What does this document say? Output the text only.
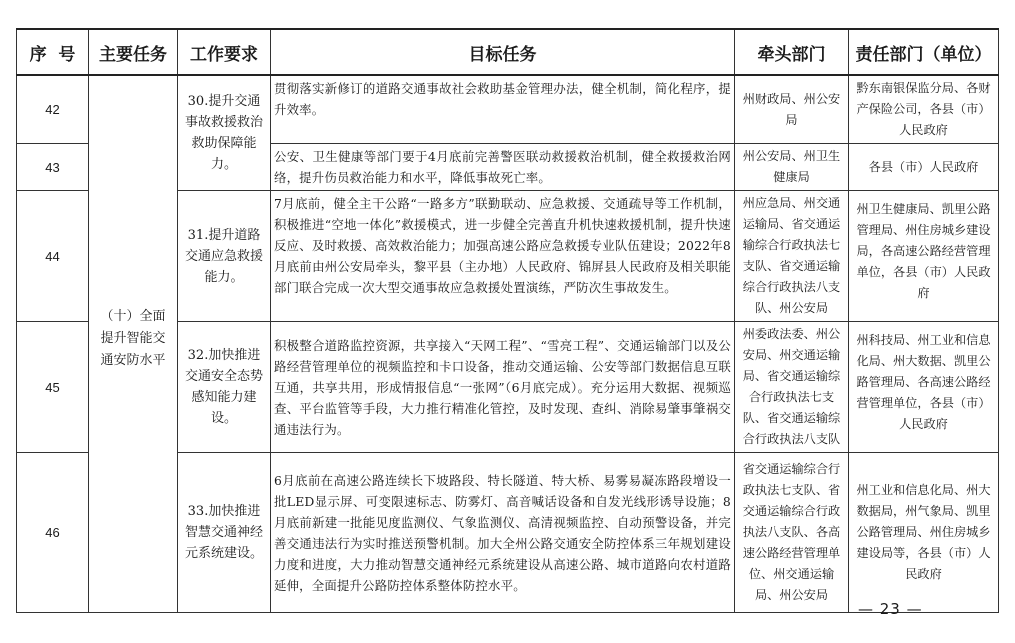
序  号	主要任务	工作要求	目标任务	牵头部门	责任部门（单位）
42	（十）全面提升智能交通安防水平	30.提升交通事故救援救治救助保障能力。	贯彻落实新修订的道路交通事故社会救助基金管理办法，健全机制，简化程序，提升效率。	州财政局、州公安局	黔东南银保监分局、各财产保险公司，各县（市）人民政府
43			公安、卫生健康等部门要于4月底前完善警医联动救援救治机制，健全救援救治网络，提升伤员救治能力和水平，降低事故死亡率。	州公安局、州卫生健康局	各县（市）人民政府
44		31.提升道路交通应急救援能力。	7月底前，健全主干公路“一路多方”联勤联动、应急救援、交通疏导等工作机制，积极推进“空地一体化”救援模式，进一步健全完善直升机快速救援机制，提升快速反应、及时救援、高效救治能力；加强高速公路应急救援专业队伍建设；2022年8月底前由州公安局牵头，黎平县（主办地）人民政府、锦屏县人民政府及相关职能部门联合完成一次大型交通事故应急救援处置演练，严防次生事故发生。	州应急局、州交通运输局、省交通运输综合行政执法七支队、省交通运输综合行政执法八支队、州公安局	州卫生健康局、凯里公路管理局、州住房城乡建设局，各高速公路经营管理单位，各县（市）人民政府
45		32.加快推进交通安全态势感知能力建设。	积极整合道路监控资源，共享接入“天网工程”、“雪亮工程”、交通运输部门以及公路经营管理单位的视频监控和卡口设备，推动交通运输、公安等部门数据信息互联互通，共享共用，形成情报信息“一张网”（6月底完成）。充分运用大数据、视频巡查、平台监管等手段，大力推行精准化管控，及时发现、查纠、消除易肇事肇祸交通违法行为。	州委政法委、州公安局、州交通运输局、省交通运输综合行政执法七支队、省交通运输综合行政执法八支队	州科技局、州工业和信息化局、州大数据、凯里公路管理局、各高速公路经营管理单位，各县（市）人民政府
46		33.加快推进智慧交通神经元系统建设。	6月底前在高速公路连续长下坡路段、特长隧道、特大桥、易雾易凝冻路段增设一批LED显示屏、可变限速标志、防雾灯、高音喊话设备和自发光线形诱导设施；8月底前新建一批能见度监测仪、气象监测仪、高清视频监控、自动预警设备，并完善交通违法行为实时推送预警机制。加大全州公路交通安全防控体系三年规划建设力度和进度，大力推动智慧交通神经元系统建设从高速公路、城市道路向农村道路延伸，全面提升公路防控体系整体防控水平。	省交通运输综合行政执法七支队、省交通运输综合行政执法八支队、各高速公路经营管理单位、州交通运输局、州公安局	州工业和信息化局、州大数据局，州气象局、凯里公路管理局、州住房城乡建设局等，各县（市）人民政府
— 23 —
